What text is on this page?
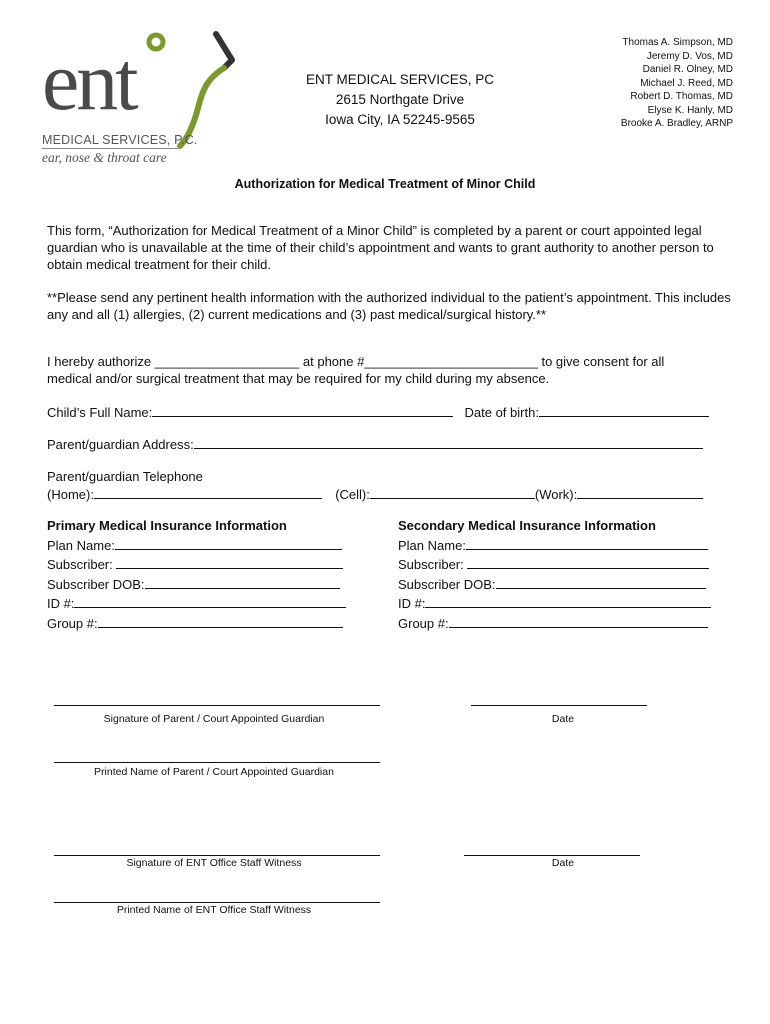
ent
MEDICAL SERVICES, P.C.
ear, nose & throat care
ENT MEDICAL SERVICES, PC
2615 Northgate Drive
Iowa City, IA 52245-9565
Thomas A. Simpson, MD
Jeremy D. Vos, MD
Daniel R. Olney, MD
Michael J. Reed, MD
Robert D. Thomas, MD
Elyse K. Hanly, MD
Brooke A. Bradley, ARNP
Authorization for Medical Treatment of Minor Child
This form, “Authorization for Medical Treatment of a Minor Child” is completed by a parent or court appointed legal guardian who is unavailable at the time of their child’s appointment and wants to grant authority to another person to obtain medical treatment for their child.
**Please send any pertinent health information with the authorized individual to the patient’s appointment. This includes any and all (1) allergies, (2) current medications and (3) past medical/surgical history.**
I hereby authorize ____________________ at phone #________________________ to give consent for all
medical and/or surgical treatment that may be required for my child during my absence.
Child’s Full Name:	Date of birth:
Parent/guardian Address:
Parent/guardian Telephone
(Home):	(Cell):	(Work):
Primary Medical Insurance Information
Plan Name:
Subscriber:
Subscriber DOB:
ID #:
Group #:
Secondary Medical Insurance Information
Plan Name:
Subscriber:
Subscriber DOB:
ID #:
Group #:
Signature of Parent / Court Appointed Guardian	Date
Printed Name of Parent / Court Appointed Guardian
Signature of ENT Office Staff Witness	Date
Printed Name of ENT Office Staff Witness
